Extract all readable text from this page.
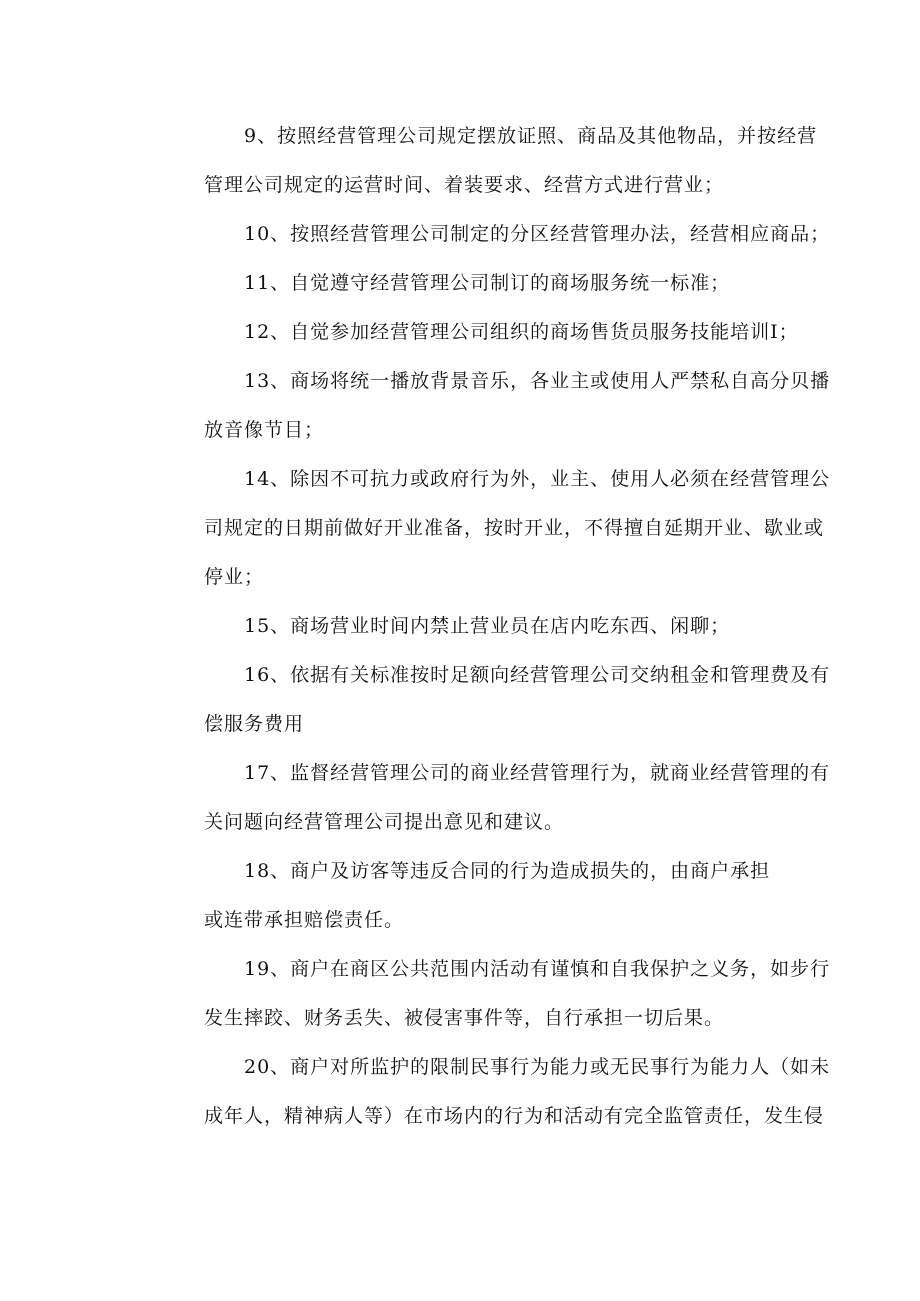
9、按照经营管理公司规定摆放证照、商品及其他物品，并按经营
管理公司规定的运营时间、着装要求、经营方式进行营业；

10、按照经营管理公司制定的分区经营管理办法，经营相应商品；

11、自觉遵守经营管理公司制订的商场服务统一标准；

12、自觉参加经营管理公司组织的商场售货员服务技能培训I；

13、商场将统一播放背景音乐，各业主或使用人严禁私自高分贝播
放音像节目；

14、除因不可抗力或政府行为外，业主、使用人必须在经营管理公
司规定的日期前做好开业准备，按时开业，不得擅自延期开业、歇业或
停业；

15、商场营业时间内禁止营业员在店内吃东西、闲聊；

16、依据有关标准按时足额向经营管理公司交纳租金和管理费及有
偿服务费用

17、监督经营管理公司的商业经营管理行为，就商业经营管理的有
关问题向经营管理公司提出意见和建议。

18、商户及访客等违反合同的行为造成损失的，由商户承担
或连带承担赔偿责任。

19、商户在商区公共范围内活动有谨慎和自我保护之义务，如步行
发生摔跤、财务丢失、被侵害事件等，自行承担一切后果。

20、商户对所监护的限制民事行为能力或无民事行为能力人（如未
成年人，精神病人等）在市场内的行为和活动有完全监管责任，发生侵
